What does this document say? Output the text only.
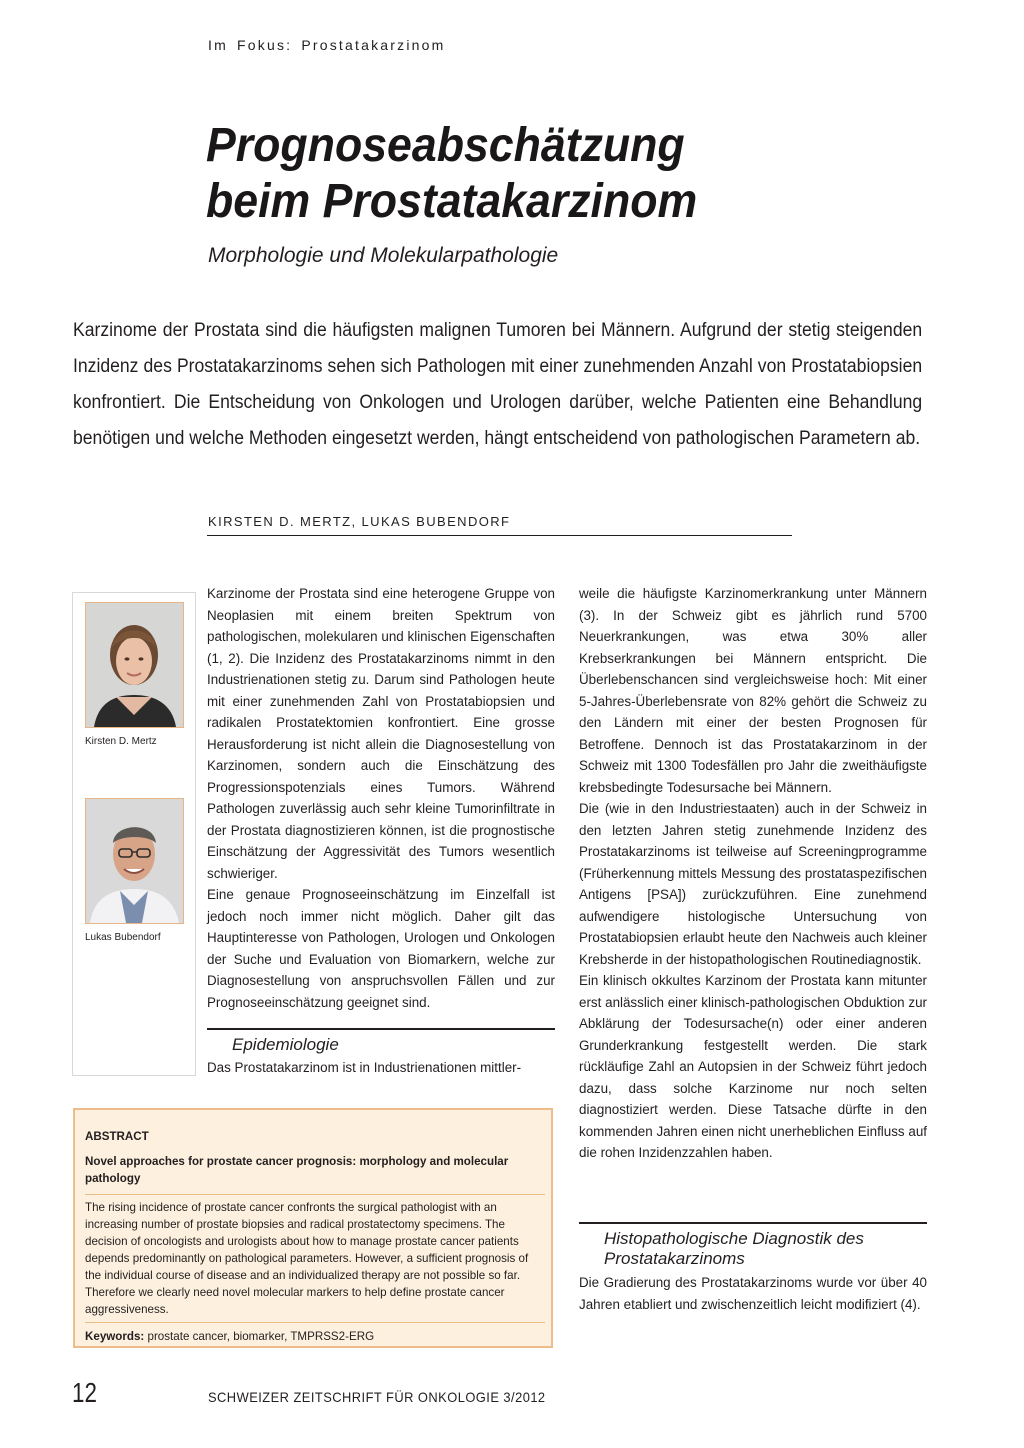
Im Fokus: Prostatakarzinom
Prognoseabschätzung
beim Prostatakarzinom
Morphologie und Molekularpathologie
Karzinome der Prostata sind die häufigsten malignen Tumoren bei Männern. Aufgrund der stetig steigenden Inzidenz des Prostatakarzinoms sehen sich Pathologen mit einer zunehmenden Anzahl von Prostatabiopsien konfrontiert. Die Entscheidung von Onkologen und Urologen darüber, welche Patienten eine Behandlung benötigen und welche Methoden eingesetzt werden, hängt entscheidend von pathologischen Parametern ab.
KIRSTEN D. MERTZ, LUKAS BUBENDORF
Kirsten D. Mertz
Lukas Bubendorf

Karzinome der Prostata sind eine heterogene Gruppe von Neoplasien mit einem breiten Spektrum von pathologischen, molekularen und klinischen Eigenschaften (1, 2). Die Inzidenz des Prostatakarzinoms nimmt in den Industrienationen stetig zu. Darum sind Pathologen heute mit einer zunehmenden Zahl von Prostatabiopsien und radikalen Prostatektomien konfrontiert. Eine grosse Herausforderung ist nicht allein die Diagnosestellung von Karzinomen, sondern auch die Einschätzung des Progressionspotenzials eines Tumors. Während Pathologen zuverlässig auch sehr kleine Tumorinfiltrate in der Prostata diagnostizieren können, ist die prognostische Einschätzung der Aggressivität des Tumors wesentlich schwieriger.

Eine genaue Prognoseeinschätzung im Einzelfall ist jedoch noch immer nicht möglich. Daher gilt das Hauptinteresse von Pathologen, Urologen und Onkologen der Suche und Evaluation von Biomarkern, welche zur Diagnosestellung von anspruchsvollen Fällen und zur Prognoseeinschätzung geeignet sind.

Epidemiologie
Das Prostatakarzinom ist in Industrienationen mittler-

weile die häufigste Karzinomerkrankung unter Männern (3). In der Schweiz gibt es jährlich rund 5700 Neuerkrankungen, was etwa 30% aller Krebserkrankungen bei Männern entspricht. Die Überlebenschancen sind vergleichsweise hoch: Mit einer 5-Jahres-Überlebensrate von 82% gehört die Schweiz zu den Ländern mit einer der besten Prognosen für Betroffene. Dennoch ist das Prostatakarzinom in der Schweiz mit 1300 Todesfällen pro Jahr die zweithäufigste krebsbedingte Todesursache bei Männern.

Die (wie in den Industriestaaten) auch in der Schweiz in den letzten Jahren stetig zunehmende Inzidenz des Prostatakarzinoms ist teilweise auf Screeningprogramme (Früherkennung mittels Messung des prostataspezifischen Antigens [PSA]) zurückzuführen. Eine zunehmend aufwendigere histologische Untersuchung von Prostatabiopsien erlaubt heute den Nachweis auch kleiner Krebsherde in der histopathologischen Routinediagnostik.

Ein klinisch okkultes Karzinom der Prostata kann mitunter erst anlässlich einer klinisch-pathologischen Obduktion zur Abklärung der Todesursache(n) oder einer anderen Grunderkrankung festgestellt werden. Die stark rückläufige Zahl an Autopsien in der Schweiz führt jedoch dazu, dass solche Karzinome nur noch selten diagnostiziert werden. Diese Tatsache dürfte in den kommenden Jahren einen nicht unerheblichen Einfluss auf die rohen Inzidenzzahlen haben.

Histopathologische Diagnostik des Prostatakarzinoms
Die Gradierung des Prostatakarzinoms wurde vor über 40 Jahren etabliert und zwischenzeitlich leicht modifiziert (4).
ABSTRACT
Novel approaches for prostate cancer prognosis: morphology and molecular pathology
The rising incidence of prostate cancer confronts the surgical pathologist with an increasing number of prostate biopsies and radical prostatectomy specimens. The decision of oncologists and urologists about how to manage prostate cancer patients depends predominantly on pathological parameters. However, a sufficient prognosis of the individual course of disease and an individualized therapy are not possible so far. Therefore we clearly need novel molecular markers to help define prostate cancer aggressiveness.
Keywords: prostate cancer, biomarker, TMPRSS2-ERG
12	SCHWEIZER ZEITSCHRIFT FÜR ONKOLOGIE 3/2012
